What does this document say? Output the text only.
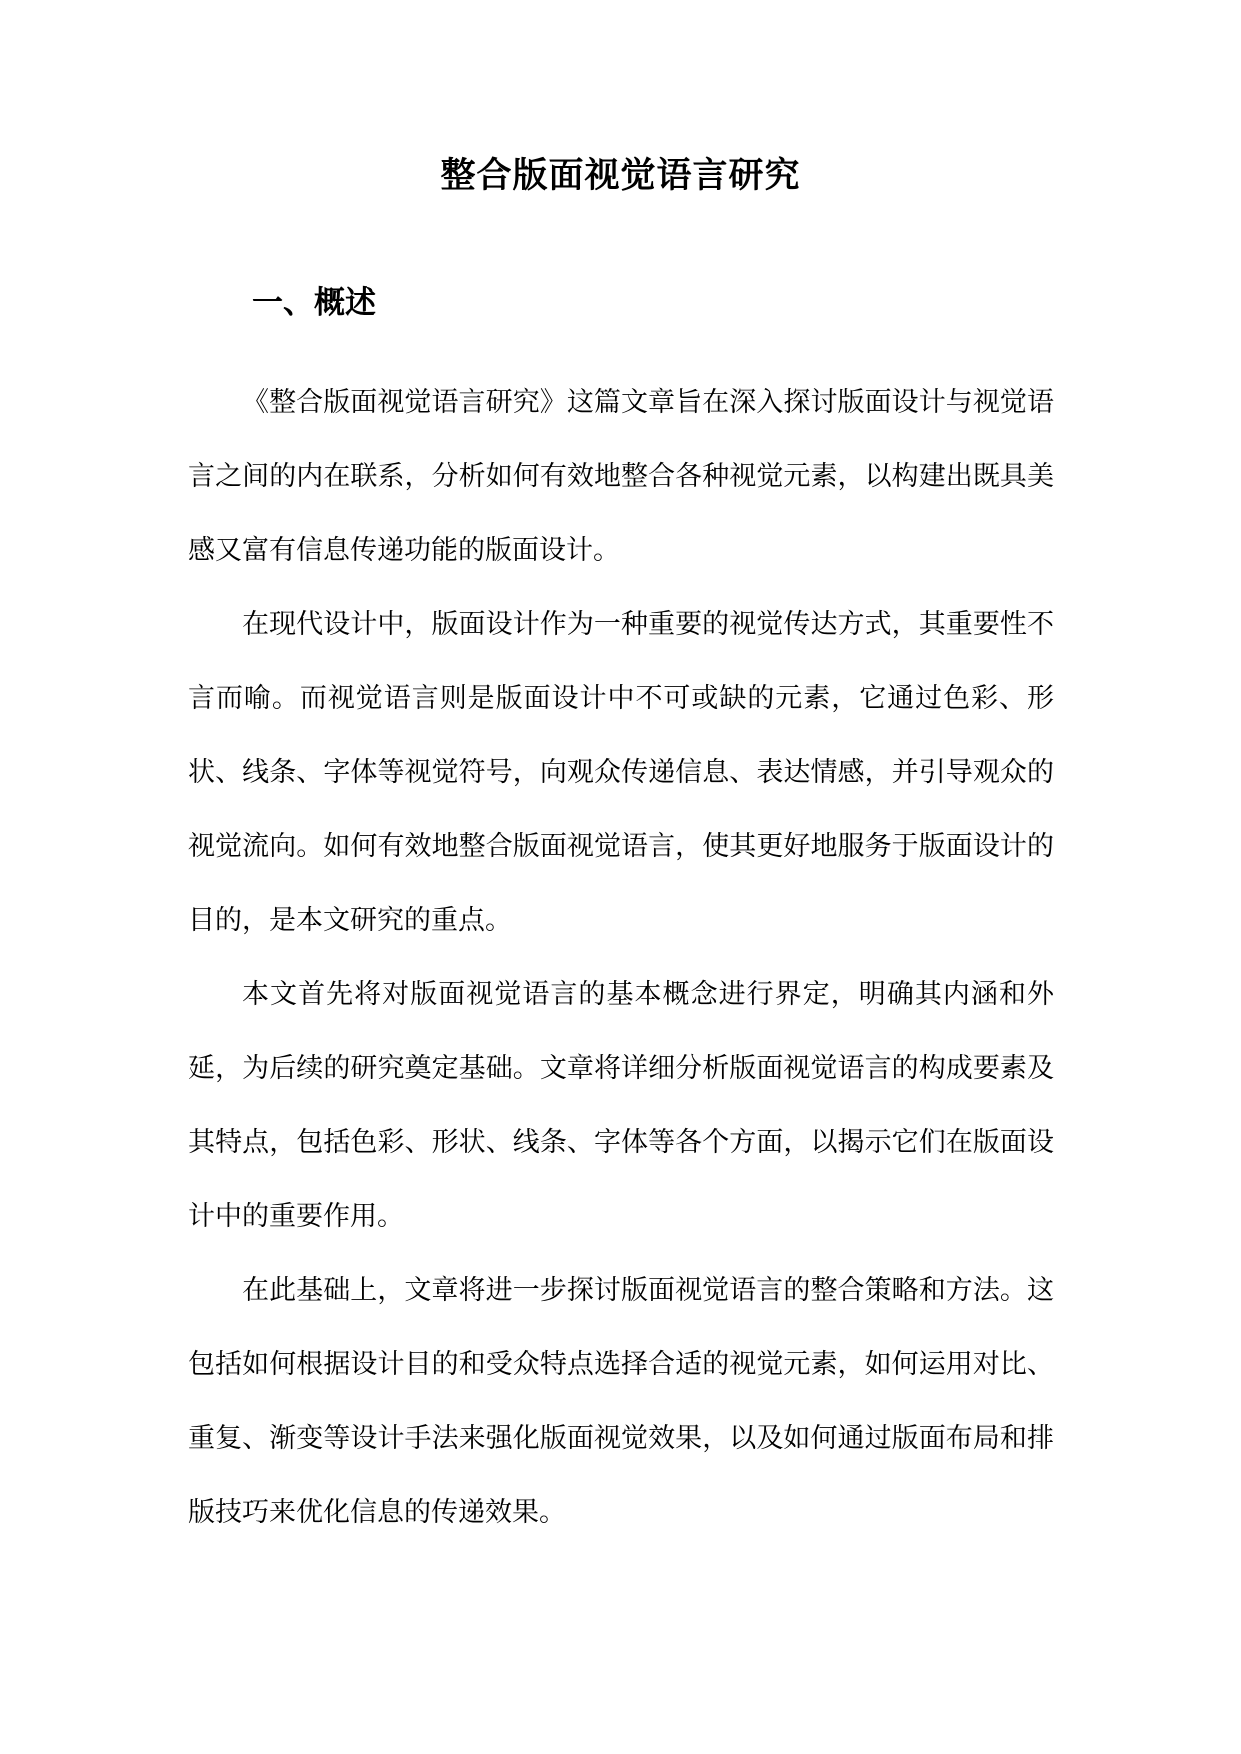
整合版面视觉语言研究
一、概述

《整合版面视觉语言研究》这篇文章旨在深入探讨版面设计与视觉语言之间的内在联系，分析如何有效地整合各种视觉元素，以构建出既具美感又富有信息传递功能的版面设计。

在现代设计中，版面设计作为一种重要的视觉传达方式，其重要性不言而喻。而视觉语言则是版面设计中不可或缺的元素，它通过色彩、形状、线条、字体等视觉符号，向观众传递信息、表达情感，并引导观众的视觉流向。如何有效地整合版面视觉语言，使其更好地服务于版面设计的目的，是本文研究的重点。

本文首先将对版面视觉语言的基本概念进行界定，明确其内涵和外延，为后续的研究奠定基础。文章将详细分析版面视觉语言的构成要素及其特点，包括色彩、形状、线条、字体等各个方面，以揭示它们在版面设计中的重要作用。

在此基础上，文章将进一步探讨版面视觉语言的整合策略和方法。这包括如何根据设计目的和受众特点选择合适的视觉元素，如何运用对比、重复、渐变等设计手法来强化版面视觉效果，以及如何通过版面布局和排版技巧来优化信息的传递效果。
